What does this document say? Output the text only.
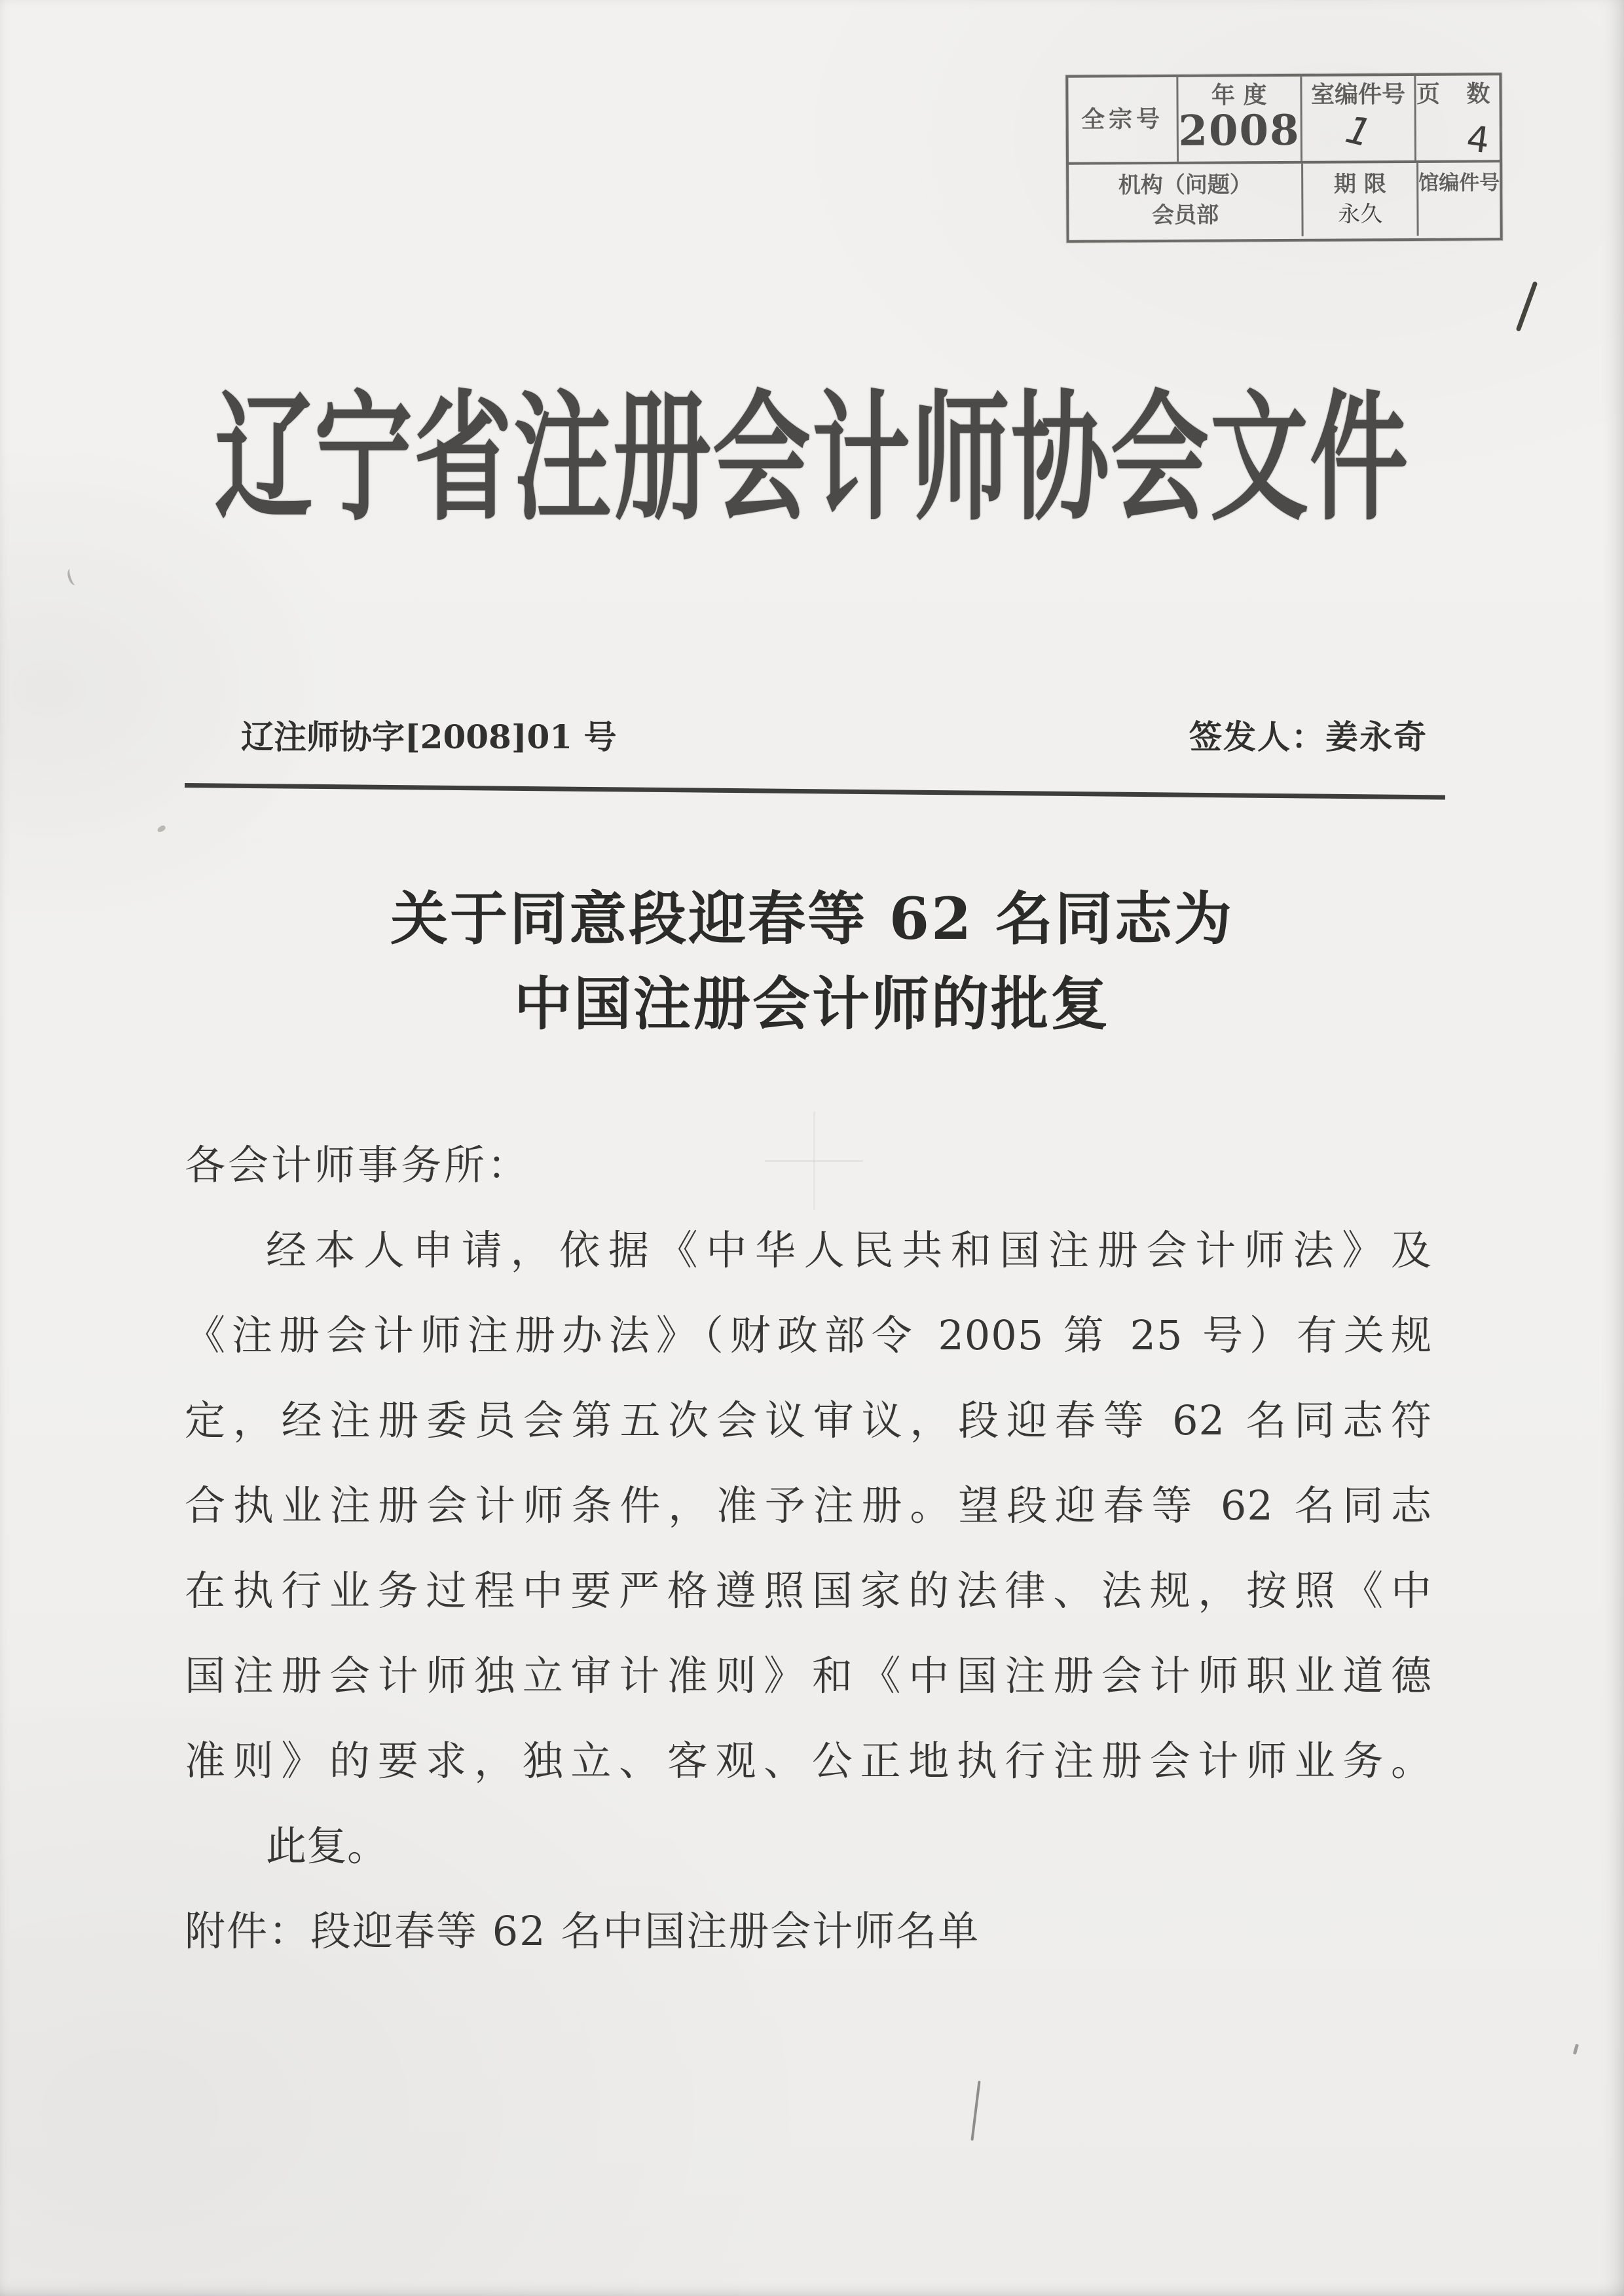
全宗号
年 度
2008
室编件号
1
页 数
4
机构（问题）
会员部
期 限
永久
馆编件号
辽宁省注册会计师协会文件
辽注师协字[2008]01 号	签发人：姜永奇
关于同意段迎春等 62 名同志为
中国注册会计师的批复
各会计师事务所：
经本人申请，依据《中华人民共和国注册会计师法》及
《注册会计师注册办法》（财政部令 2005 第 25 号）有关规
定，经注册委员会第五次会议审议，段迎春等 62 名同志符
合执业注册会计师条件，准予注册。望段迎春等 62 名同志
在执行业务过程中要严格遵照国家的法律、法规，按照《中
国注册会计师独立审计准则》和《中国注册会计师职业道德
准则》的要求，独立、客观、公正地执行注册会计师业务。
此复。
附件：段迎春等 62 名中国注册会计师名单
